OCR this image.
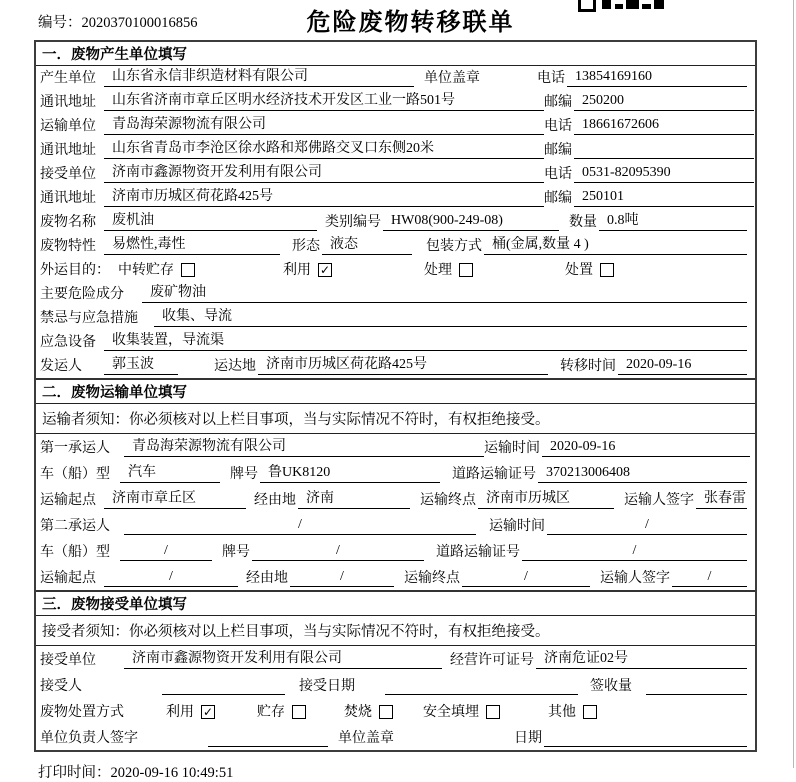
编号：2020370100016856	危险废物转移联单
一．废物产生单位填写
产生单位	山东省永信非织造材料有限公司	单位盖章	电话 13854169160
通讯地址	山东省济南市章丘区明水经济技术开发区工业一路501号	邮编 250200
运输单位	青岛海荣源物流有限公司	电话 18661672606
通讯地址	山东省青岛市李沧区徐水路和郑佛路交叉口东侧20米	邮编
接受单位	济南市鑫源物资开发利用有限公司	电话 0531-82095390
通讯地址	济南市历城区荷花路425号	邮编 250101
废物名称	废机油	类别编号 HW08(900-249-08)	数量 0.8吨
废物特性	易燃性,毒性	形态 液态	包装方式 桶(金属,数量 4 )
外运目的： 中转贮存	利用 ✓	处理	处置
主要危险成分	废矿物油
禁忌与应急措施	收集、导流
应急设备	收集装置，导流渠
发运人	郭玉波	运达地 济南市历城区荷花路425号	转移时间 2020-09-16
二．废物运输单位填写
运输者须知：你必须核对以上栏目事项，当与实际情况不符时，有权拒绝接受。
第一承运人	青岛海荣源物流有限公司	运输时间 2020-09-16
车（船）型	汽车	牌号 鲁UK8120	道路运输证号 370213006408
运输起点	济南市章丘区	经由地 济南	运输终点 济南市历城区	运输人签字 张春雷
第二承运人	/	运输时间	/
车（船）型	/	牌号	/	道路运输证号	/
运输起点	/	经由地	/	运输终点	/	运输人签字	/
三．废物接受单位填写
接受者须知：你必须核对以上栏目事项，当与实际情况不符时，有权拒绝接受。
接受单位	济南市鑫源物资开发利用有限公司	经营许可证号 济南危证02号
接受人	接受日期	签收量
废物处置方式	利用 ✓	贮存	焚烧	安全填埋	其他
单位负责人签字	单位盖章	日期
打印时间：2020-09-16 10:49:51
